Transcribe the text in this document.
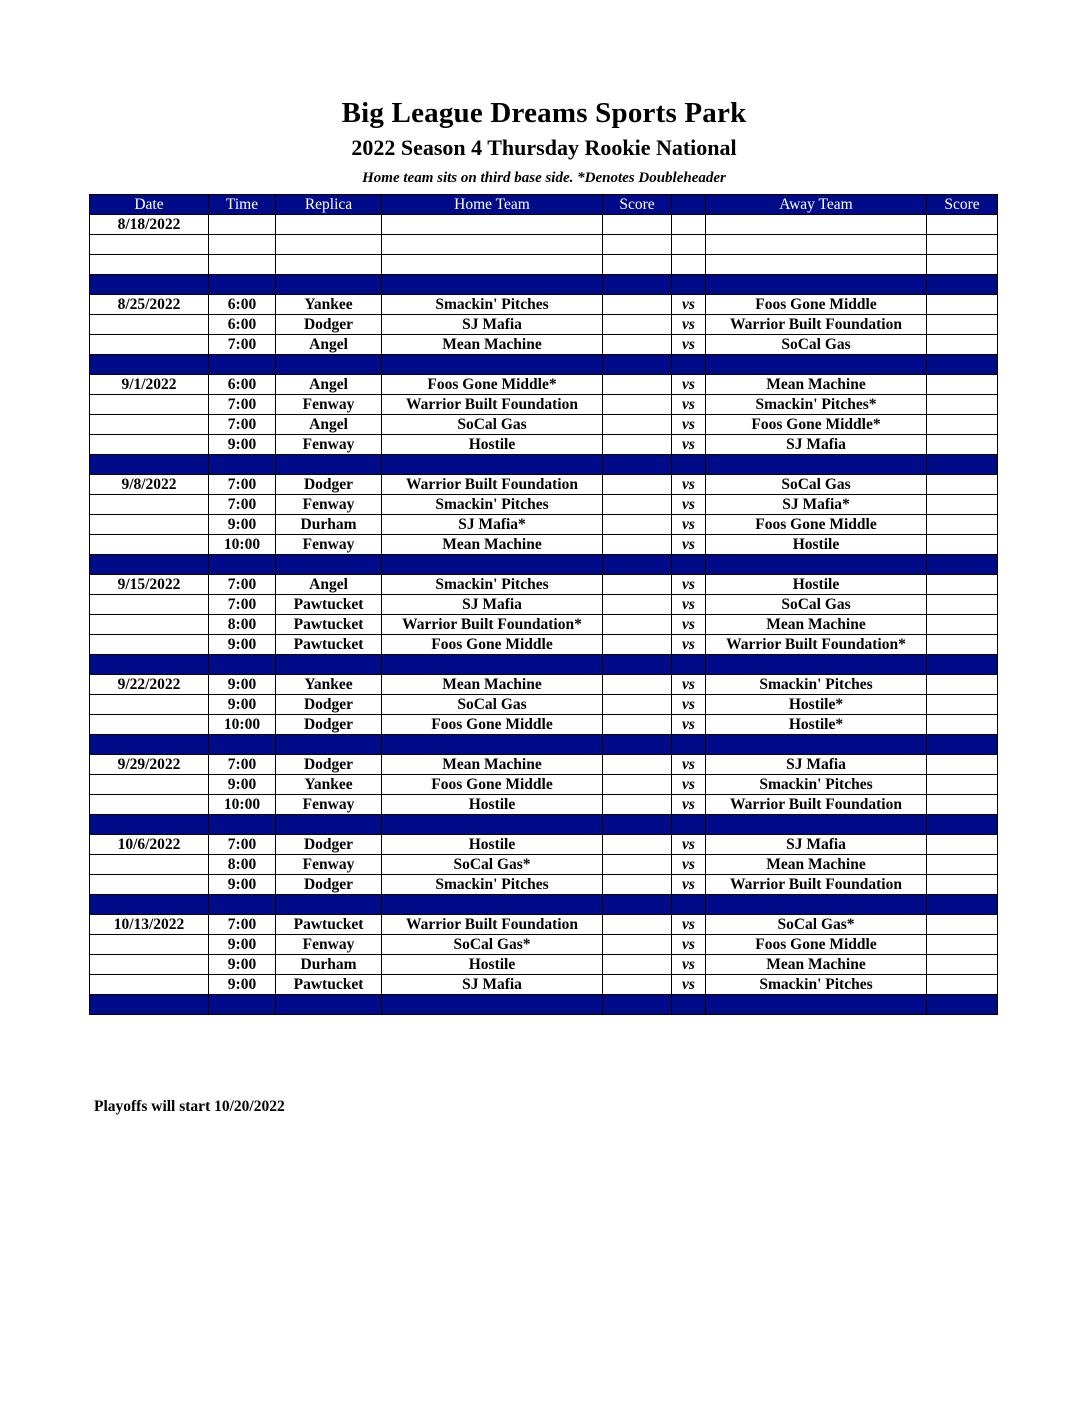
Big League Dreams Sports Park
2022 Season 4 Thursday Rookie National
Home team sits on third base side. *Denotes Doubleheader
Date	Time	Replica	Home Team	Score		Away Team	Score
8/18/2022							

8/25/2022	6:00	Yankee	Smackin' Pitches		vs	Foos Gone Middle	
	6:00	Dodger	SJ Mafia		vs	Warrior Built Foundation	
	7:00	Angel	Mean Machine		vs	SoCal Gas	

9/1/2022	6:00	Angel	Foos Gone Middle*		vs	Mean Machine	
	7:00	Fenway	Warrior Built Foundation		vs	Smackin' Pitches*	
	7:00	Angel	SoCal Gas		vs	Foos Gone Middle*	
	9:00	Fenway	Hostile		vs	SJ Mafia	

9/8/2022	7:00	Dodger	Warrior Built Foundation		vs	SoCal Gas	
	7:00	Fenway	Smackin' Pitches		vs	SJ Mafia*	
	9:00	Durham	SJ Mafia*		vs	Foos Gone Middle	
	10:00	Fenway	Mean Machine		vs	Hostile	

9/15/2022	7:00	Angel	Smackin' Pitches		vs	Hostile	
	7:00	Pawtucket	SJ Mafia		vs	SoCal Gas	
	8:00	Pawtucket	Warrior Built Foundation*		vs	Mean Machine	
	9:00	Pawtucket	Foos Gone Middle		vs	Warrior Built Foundation*	

9/22/2022	9:00	Yankee	Mean Machine		vs	Smackin' Pitches	
	9:00	Dodger	SoCal Gas		vs	Hostile*	
	10:00	Dodger	Foos Gone Middle		vs	Hostile*	

9/29/2022	7:00	Dodger	Mean Machine		vs	SJ Mafia	
	9:00	Yankee	Foos Gone Middle		vs	Smackin' Pitches	
	10:00	Fenway	Hostile		vs	Warrior Built Foundation	

10/6/2022	7:00	Dodger	Hostile		vs	SJ Mafia	
	8:00	Fenway	SoCal Gas*		vs	Mean Machine	
	9:00	Dodger	Smackin' Pitches		vs	Warrior Built Foundation	

10/13/2022	7:00	Pawtucket	Warrior Built Foundation		vs	SoCal Gas*	
	9:00	Fenway	SoCal Gas*		vs	Foos Gone Middle	
	9:00	Durham	Hostile		vs	Mean Machine	
	9:00	Pawtucket	SJ Mafia		vs	Smackin' Pitches	

Playoffs will start 10/20/2022
